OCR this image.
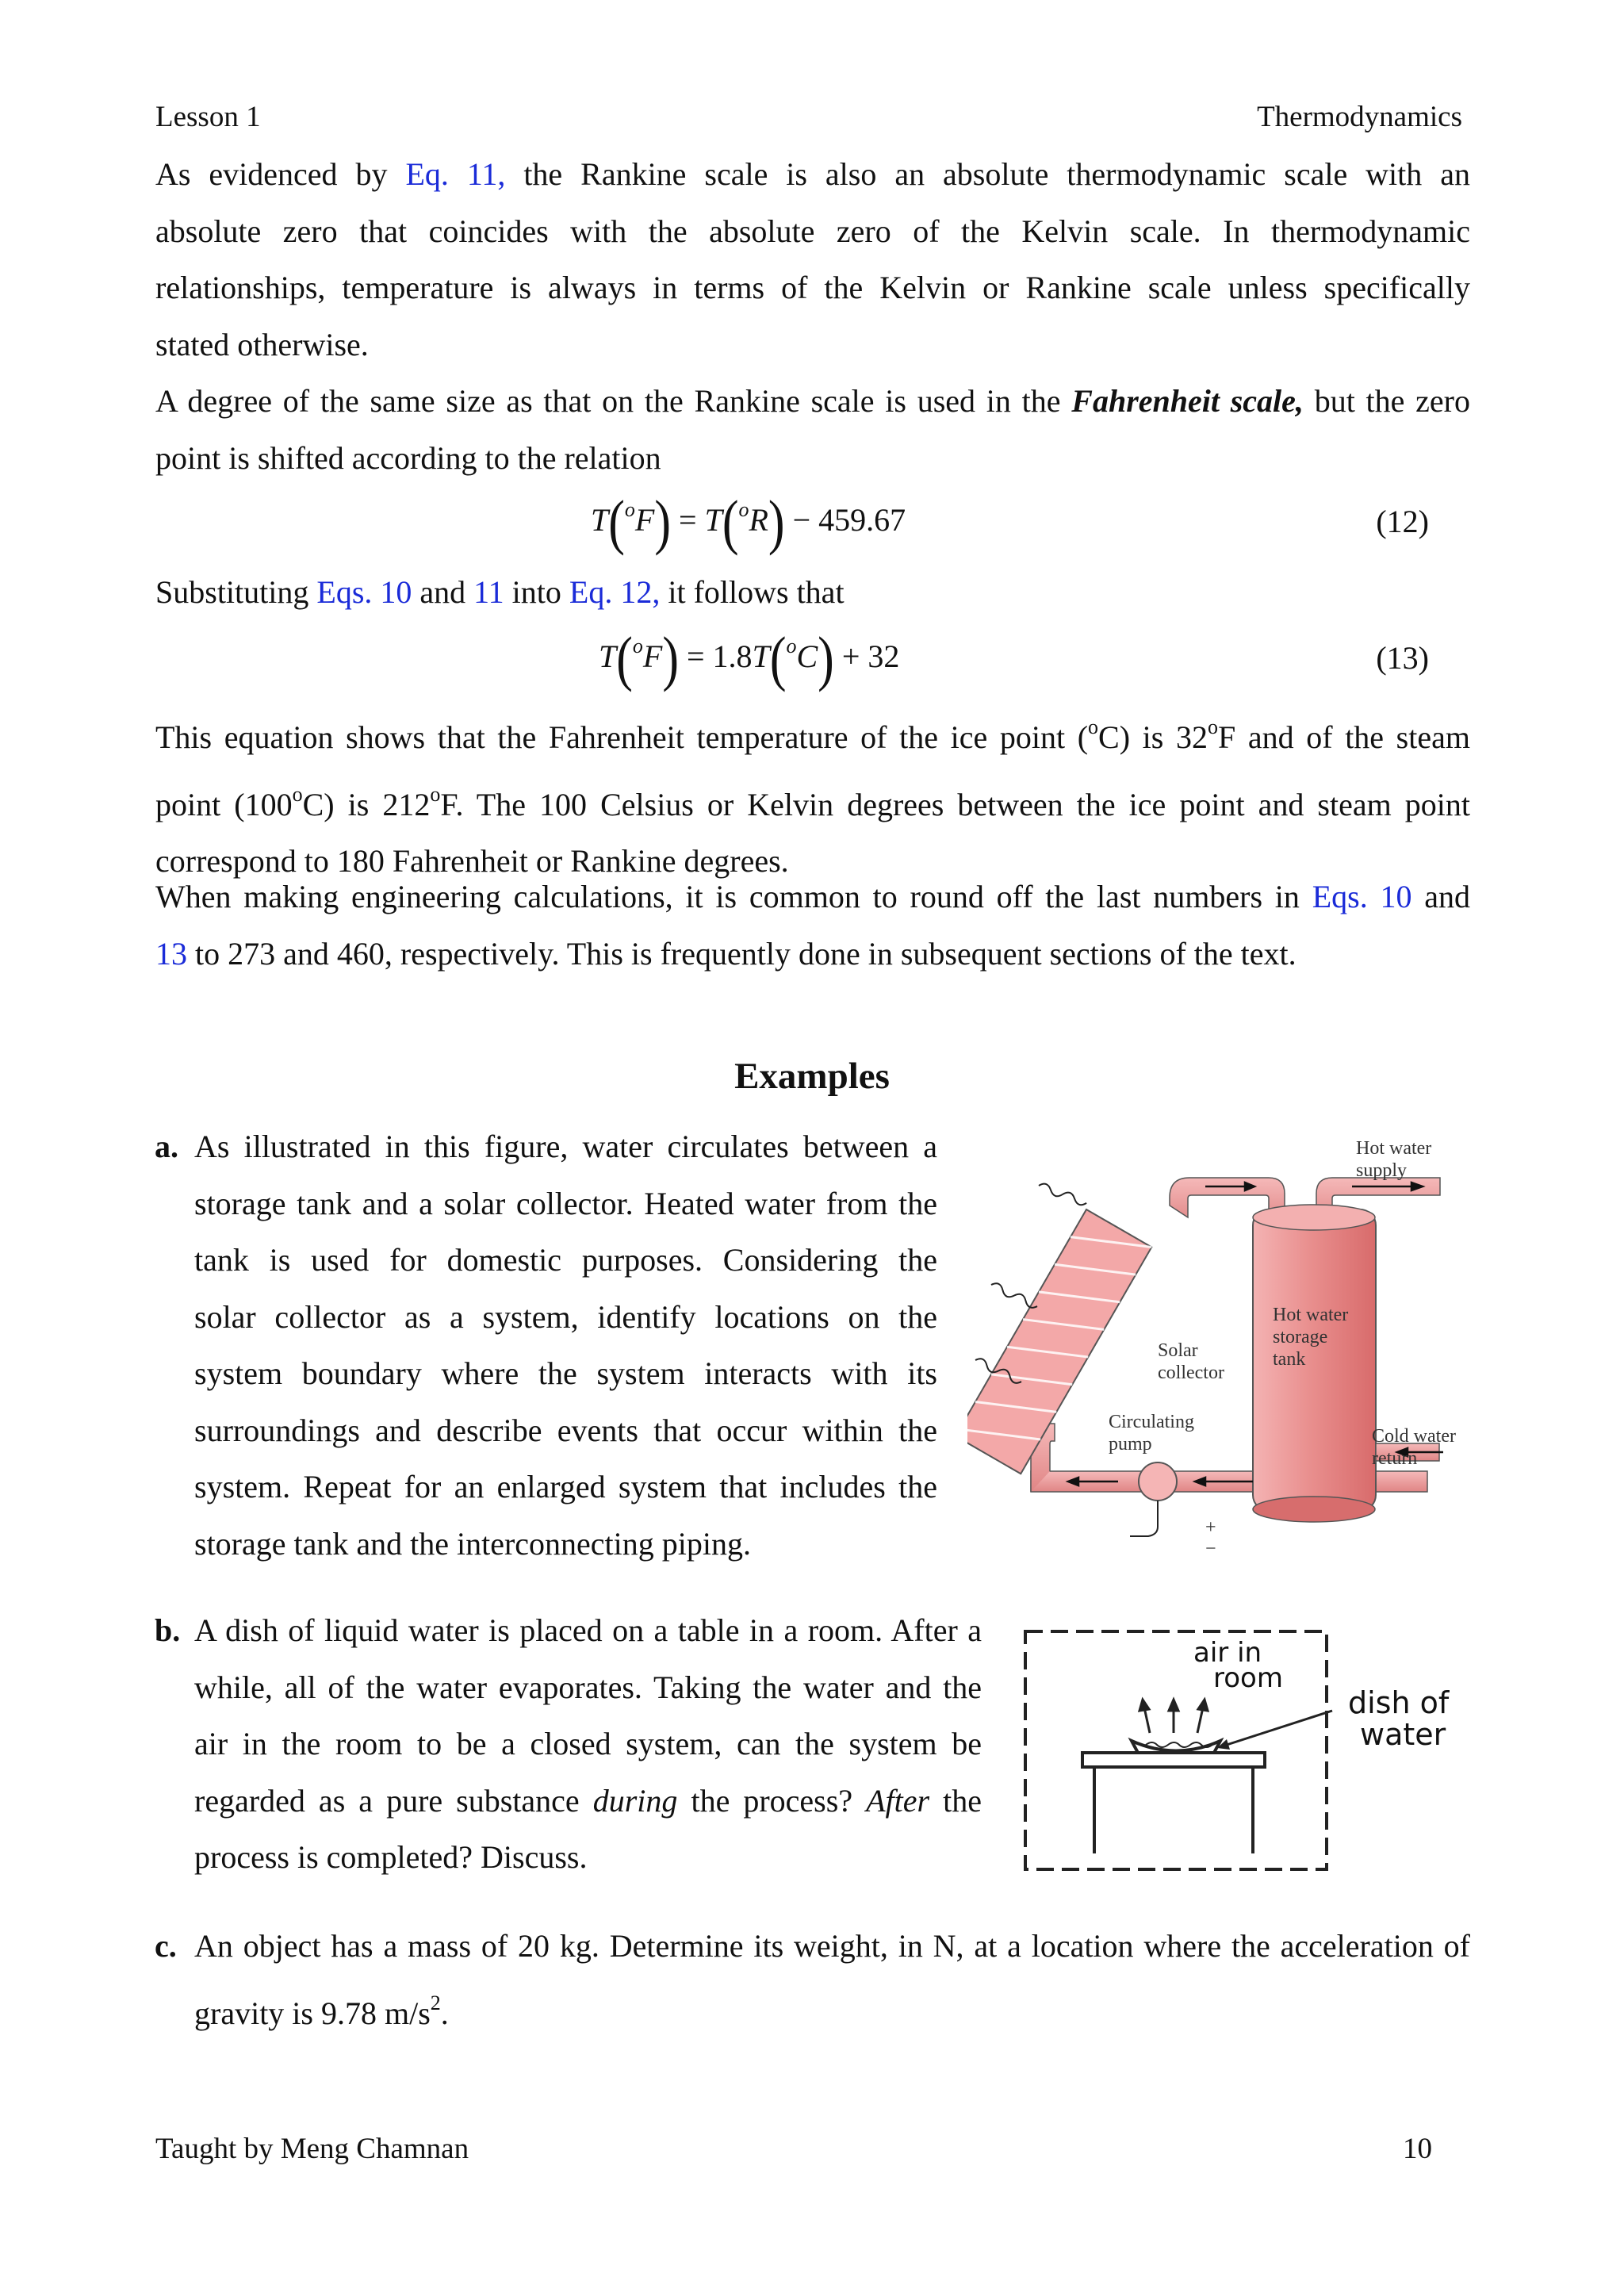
Lesson 1	Thermodynamics
As evidenced by Eq. 11, the Rankine scale is also an absolute thermodynamic scale with an
absolute zero that coincides with the absolute zero of the Kelvin scale. In thermodynamic
relationships, temperature is always in terms of the Kelvin or Rankine scale unless specifically
stated otherwise.
A degree of the same size as that on the Rankine scale is used in the Fahrenheit scale, but the zero
point is shifted according to the relation
T($^o$F) = T($^o$R) − 459.67	(12)
Substituting Eqs. 10 and 11 into Eq. 12, it follows that
T($^o$F) = 1.8T($^o$C) + 32	(13)
This equation shows that the Fahrenheit temperature of the ice point ($^o$C) is 32$^o$F and of the steam
point (100$^o$C) is 212$^o$F. The 100 Celsius or Kelvin degrees between the ice point and steam point
correspond to 180 Fahrenheit or Rankine degrees.
When making engineering calculations, it is common to round off the last numbers in Eqs. 10 and
13 to 273 and 460, respectively. This is frequently done in subsequent sections of the text.
Examples
a. As illustrated in this figure, water circulates between a
storage tank and a solar collector. Heated water from the
tank is used for domestic purposes. Considering the
solar collector as a system, identify locations on the
system boundary where the system interacts with its
surroundings and describe events that occur within the
system. Repeat for an enlarged system that includes the
storage tank and the interconnecting piping.
Hot water
supply
Solar
collector
Hot water
storage
tank
Circulating
pump	Cold water
return
+
−
b. A dish of liquid water is placed on a table in a room. After a
while, all of the water evaporates. Taking the water and the
air in the room to be a closed system, can the system be
regarded as a pure substance during the process? After the
process is completed? Discuss.
air in
room
dish of
water
c. An object has a mass of 20 kg. Determine its weight, in N, at a location where the acceleration of
gravity is 9.78 $m/s^2$.
Taught by Meng Chamnan	10
